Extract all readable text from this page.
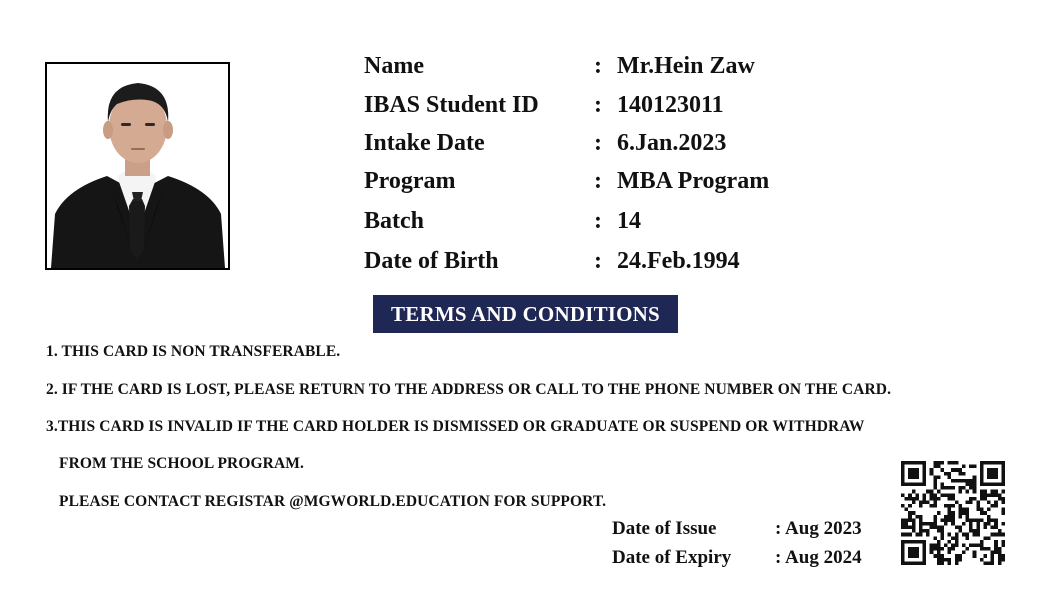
Name	: Mr.Hein Zaw
IBAS Student ID : 140123011
Intake Date	: 6.Jan.2023
Program	: MBA Program
Batch	: 14
Date of Birth	: 24.Feb.1994
TERMS AND CONDITIONS
1. THIS CARD IS NON TRANSFERABLE.
2. IF THE CARD IS LOST, PLEASE RETURN TO THE ADDRESS OR CALL TO THE PHONE NUMBER ON THE CARD.
3.THIS CARD IS INVALID IF THE CARD HOLDER IS DISMISSED OR GRADUATE OR SUSPEND OR WITHDRAW
FROM THE SCHOOL PROGRAM.
PLEASE CONTACT REGISTAR @MGWORLD.EDUCATION FOR SUPPORT.
Date of Issue	: Aug 2023
Date of Expiry : Aug 2024
